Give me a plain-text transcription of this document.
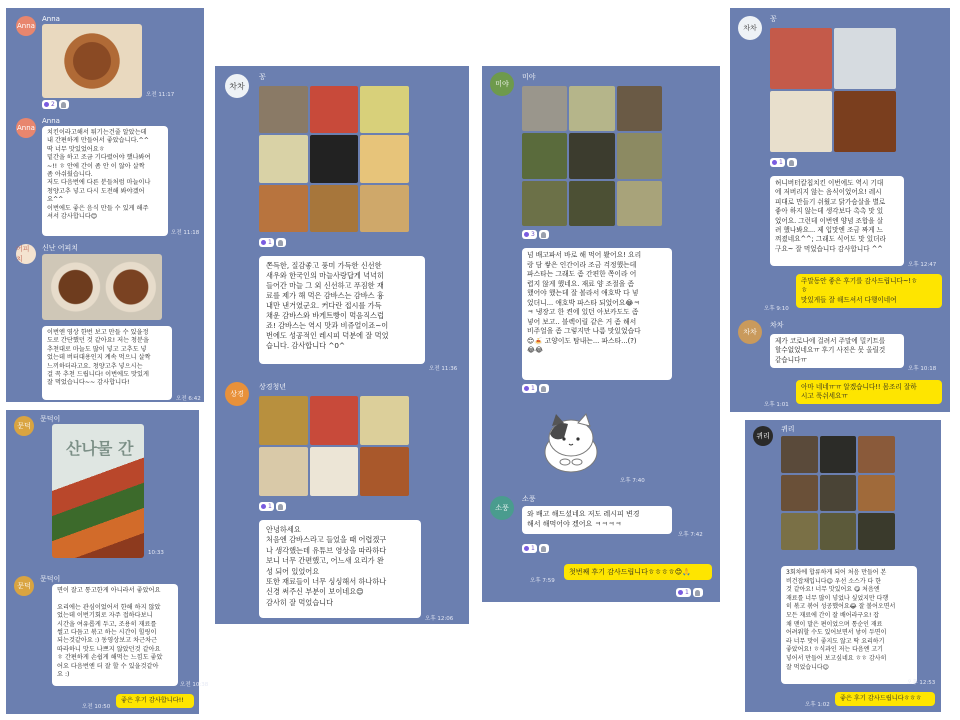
Anna
Anna
2
오전 11:17
Anna
Anna
치킨이라고해서 튀기는건줄 알았는데
내 간편하게 만들어서 좋았습니다.^^
딱 너무 맛있었어요ㅎ
밑간을 하고 조금 기다렸어야 했나봐여
~!! ㅎ 안에 간이 좀 안 이 않아 살짝
좀 아쉬웠습니다.
저도 다음번에 다른 분들처럼 마늘이나
청양고추 넣고 다시 도전해 봐야겠어
요^^
이번에도 좋은 음식 만들 수 있게 해주
셔서 감사합니다😊
오전 11:18
어피치
신난 어피치
이번엔 영상 한번 보고 만들 수 있을정
도로 간단했던 것 같아요! 저는 청분을
추천대로 마늘도 많이 넣고 고추도 넣
었는데 버터대용인지 계속 먹으니 살짝
느끼하더라고요. 청양고추 넣으시는
걸 꼭 추천 드립니다! 이번에도 맛있게
잘 먹었습니다~~ 감사합니다!
오전 6:42
문덕
문덕이
산나물 간
10:33
문덕
문덕이
면이 잘고 통고한게 아니라서 좋았어요

요리에는 관심이었어서 한해 하지 않았
었는데 이번기회로 자주 접하다보니
시간을 여유롭게 두고, 조용히 재료를
썰고 다듬고 볶고 하는 시간이 힐링이
되는것같아요 :) 동영상보고 차근차근
따라하니 맛도 나쁘지 않았던것 같아요
ㅎ 간편하게 손쉽게 해먹는 느낌도 좋았
어요 다음번엔 더 잘 할 수 있을것같아
요 :)
오전 10:38
좋은 후기 감사합니다!!
오전 10:50
차차
꽁
1
쫀득한, 질감좋고 풍미 가득한 신선한
새우와 한국인의 마늘사랑답게 넉넉히
들어간 마늘 그 외 신선하고 푸짐한 재
료를 제가 해 먹은 감바스는 감바스 흉
내만 낸거였군요. 커다란 접시를 가득
채운 감바스와 바게트빵이 먹음직스럽
죠! 감바스는 역시 맛과 비쥬얼이죠~이
번에도 성공적인 레시피 덕분에 잘 먹었
습니다. 감사합니다 ^0^
오전 11:36
상경
상경청년
1
안녕하세요
처음엔 감바스라고 들었을 때 어렵겠구
나 생각했는데 유튜브 영상을 따라하다
보니 너무 간편했고, 어느새 요리가 완
성 되어 있었어요
또한 재료들이 너무 싱싱해서 하나하나
신경 써주신 부분이 보이네요😊
감사히 잘 먹었습니다
오후 12:06
미야
미야
3
넘 배고파서 바로 해 먹어 봤어요! 요리
랑 담 쌓은 인간이라 조금 걱정했는데
파스타는 그래도 좀 간편한 쪽이라 어
렵지 않게 했네요. 재료 양 조절을 좀
했어야 했는데 잘 볼라서 애호박 다 넣
었더니... 애호박 파스타 되었어요😂ㅋ
ㅋ 냉장고 한 켠에 있던 아보카도도 좀
넣어 보고.. 블렉이릴 같은 거 좀 해서
비주얼을 좀 그렇지만 나름 맛있었습다
😊🍝 고양이도 탐내는... 파스타...(?)
😂😂
1
오후 7:40
소풍
소풍
와 배고 해드셨네요 저도 레시피 변경
해서 해먹어야 겠어요 ㅋㅋㅋㅋ
오후 7:42
1
첫번째 후기 감사드립니다ㅎㅎㅎㅎ😊🙏
오후 7:59
1
차차
꽁
1
허니버터칼칩치킨 이번에도 역시 기대
에 저버리지 않는 음식이었어요! 레시
피대로 만들기 쉬웠고 닭가슴살을 별로
좋아 하지 않는데 생각보다 촉촉 맛 있
었어요. 그런데 이번엔 양념 조합을 살
려 했나봐요... 제 입맛엔 조금 짜게 느
껴졌네요^^; 그래도 식어도 맛 있더라
구요~ 잘 먹었습니다 감사합니다 ^^
오후 12:47
주말동안 좋은 후기를 감사드립니다~!ㅎ
ㅎ
맛있게들 잘 해드셔서 다행이네여
오후 9:10
차차
차차
제가 코로나에 걸려서 주말에 밀키트를
할수없었네요ㅠ 후기 사진은 못 올릴것
같습니다ㅠ
오후 10:18
아마 네네ㅠㅠ 알겠습니다!! 몸조리 잘하
시고 푹쉬세요ㅠ
오후 1:01
퀴리
퀴리
3회차에 합류하게 되어 처음 만들어 본
비건잡채입니다😊 우선 소스가 다 한
것 같아요! 너무 맛있어요 😋 처음엔
재료를 너무 많이 넣었나 싶었지만 다행
히 볶고 볶어 성공했어요😂 잘 볼어오면서
모든 재료에 간이 잘 배어라구요! 잡
채 맨이 말은 편이었으며 통순인 재료
어려워할 수도 있어보면서 낳이 두면이
라 너무 맛이 좋지도 않고 딱 요리하기
좋았어요! ㅎ식과인 저는 다음엔 고기
넣어서 만들어 보고싶네요 ㅎㅎ 감사히
잘 먹었습니다😊
오후 12:53
좋은 후기 감사드립니다ㅎㅎㅎ
오후 1:02
